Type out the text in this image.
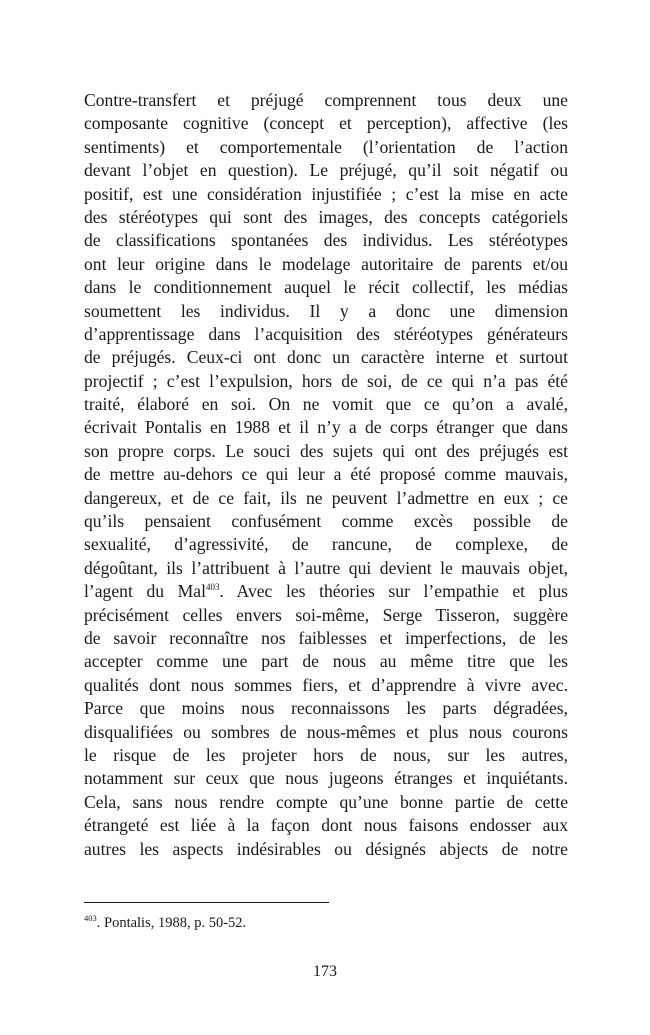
Contre-transfert et préjugé comprennent tous deux une
composante cognitive (concept et perception), affective (les
sentiments) et comportementale (l’orientation de l’action
devant l’objet en question). Le préjugé, qu’il soit négatif ou
positif, est une considération injustifiée ; c’est la mise en acte
des stéréotypes qui sont des images, des concepts catégoriels
de classifications spontanées des individus. Les stéréotypes
ont leur origine dans le modelage autoritaire de parents et/ou
dans le conditionnement auquel le récit collectif, les médias
soumettent les individus. Il y a donc une dimension
d’apprentissage dans l’acquisition des stéréotypes générateurs
de préjugés. Ceux-ci ont donc un caractère interne et surtout
projectif ; c’est l’expulsion, hors de soi, de ce qui n’a pas été
traité, élaboré en soi. On ne vomit que ce qu’on a avalé,
écrivait Pontalis en 1988 et il n’y a de corps étranger que dans
son propre corps. Le souci des sujets qui ont des préjugés est
de mettre au-dehors ce qui leur a été proposé comme mauvais,
dangereux, et de ce fait, ils ne peuvent l’admettre en eux ; ce
qu’ils pensaient confusément comme excès possible de
sexualité, d’agressivité, de rancune, de complexe, de
dégoûtant, ils l’attribuent à l’autre qui devient le mauvais objet,
l’agent du Mal$^{403}$. Avec les théories sur l’empathie et plus
précisément celles envers soi-même, Serge Tisseron, suggère
de savoir reconnaître nos faiblesses et imperfections, de les
accepter comme une part de nous au même titre que les
qualités dont nous sommes fiers, et d’apprendre à vivre avec.
Parce que moins nous reconnaissons les parts dégradées,
disqualifiées ou sombres de nous-mêmes et plus nous courons
le risque de les projeter hors de nous, sur les autres,
notamment sur ceux que nous jugeons étranges et inquiétants.
Cela, sans nous rendre compte qu’une bonne partie de cette
étrangeté est liée à la façon dont nous faisons endosser aux
autres les aspects indésirables ou désignés abjects de notre
$^{403}$. Pontalis, 1988, p. 50-52.
173
